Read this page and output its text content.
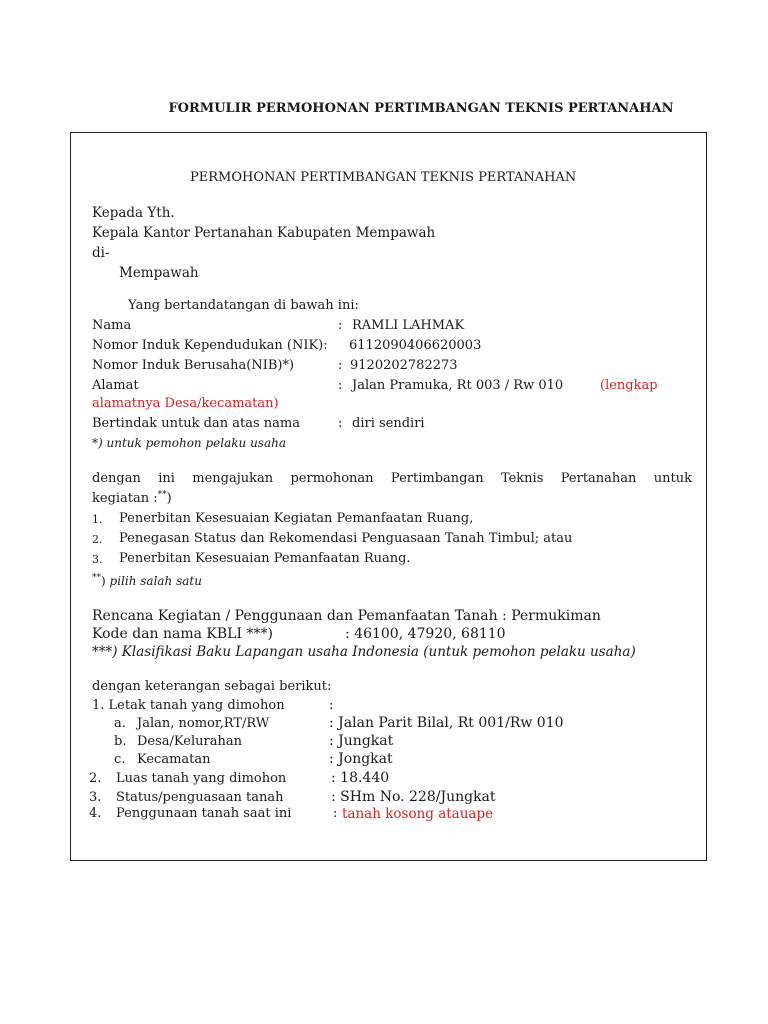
FORMULIR PERMOHONAN PERTIMBANGAN TEKNIS PERTANAHAN
PERMOHONAN PERTIMBANGAN TEKNIS PERTANAHAN
Kepada Yth.
Kepala Kantor Pertanahan Kabupaten Mempawah
di-
Mempawah
Yang bertandatangan di bawah ini:
Nama	: RAMLI LAHMAK
Nomor Induk Kependudukan (NIK): 6112090406620003
Nomor Induk Berusaha(NIB)*)	: 9120202782273
Alamat	: Jalan Pramuka, Rt 003 / Rw 010	(lengkap
alamatnya Desa/kecamatan)
Bertindak untuk dan atas nama	: diri sendiri
*) untuk pemohon pelaku usaha
dengan ini mengajukan permohonan Pertimbangan Teknis Pertanahan untuk
kegiatan :**)
1. Penerbitan Kesesuaian Kegiatan Pemanfaatan Ruang,
2. Penegasan Status dan Rekomendasi Penguasaan Tanah Timbul; atau
3. Penerbitan Kesesuaian Pemanfaatan Ruang.
**) pilih salah satu
Rencana Kegiatan / Penggunaan dan Pemanfaatan Tanah : Permukiman
Kode dan nama KBLI ***)	: 46100, 47920, 68110
***) Klasifikasi Baku Lapangan usaha Indonesia (untuk pemohon pelaku usaha)
dengan keterangan sebagai berikut:
1. Letak tanah yang dimohon	:
a. Jalan, nomor,RT/RW	: Jalan Parit Bilal, Rt 001/Rw 010
b. Desa/Kelurahan	: Jungkat
c. Kecamatan	: Jongkat
2. Luas tanah yang dimohon	: 18.440
3. Status/penguasaan tanah	: SHm No. 228/Jungkat
4. Penggunaan tanah saat ini	: tanah kosong atauape
